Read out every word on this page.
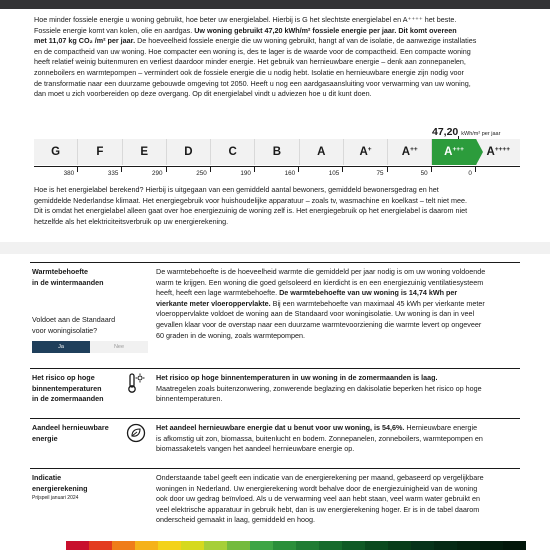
Hoe minder fossiele energie u woning gebruikt, hoe beter uw energielabel. Hierbij is G het slechtste energielabel en A⁺⁺⁺⁺ het beste.
Fossiele energie komt van kolen, olie en aardgas. Uw woning gebruikt 47,20 kWh/m² fossiele energie per jaar. Dit komt overeen
met 11,07 kg CO₂ /m² per jaar. De hoeveelheid fossiele energie die uw woning gebruikt, hangt af van de isolatie, de aanwezige installaties
en de compactheid van uw woning. Hoe compacter een woning is, des te lager is de waarde voor de compactheid. Een compacte woning
heeft relatief weinig buitenmuren en verliest daardoor minder energie. Het gebruik van hernieuwbare energie – denk aan zonnepanelen,
zonneboilers en warmtepompen – vermindert ook de fossiele energie die u nodig hebt. Isolatie en hernieuwbare energie zijn nodig voor
de transformatie naar een duurzame gebouwde omgeving tot 2050. Heeft u nog een aardgasaansluiting voor verwarming van uw woning,
dan moet u zich voorbereiden op deze overgang. Op dit energielabel vindt u adviezen hoe u dit kunt doen.
47,20 kWh/m² per jaar
G	F	E	D	C	B	A	A+	A++ A+++ A++++
380	335	290	250	190	160	105	75	50	0
Hoe is het energielabel berekend? Hierbij is uitgegaan van een gemiddeld aantal bewoners, gemiddeld bewonersgedrag en het
gemiddelde Nederlandse klimaat. Het energiegebruik voor huishoudelijke apparatuur – zoals tv, wasmachine en koelkast – telt niet mee.
Dit is omdat het energielabel alleen gaat over hoe energiezuinig de woning zelf is. Het energiegebruik op het energielabel is daarom niet
hetzelfde als het elektriciteitsverbruik op uw energierekening.
Warmtebehoefte
in de wintermaanden
De warmtebehoefte is de hoeveelheid warmte die gemiddeld per jaar nodig is om uw woning voldoende
warm te krijgen. Een woning die goed geïsoleerd en kierdicht is en een energiezuinig ventilatiesysteem
heeft, heeft een lage warmtebehoefte. De warmtebehoefte van uw woning is 14,74 kWh per
vierkante meter vloeroppervlakte. Bij een warmtebehoefte van maximaal 45 kWh per vierkante meter
vloeroppervlakte voldoet de woning aan de Standaard voor woningisolatie. Uw woning is dan in veel
gevallen klaar voor de overstap naar een duurzame warmtevoorziening die warmte levert op ongeveer
60 graden in de woning, zoals warmtepompen.
Voldoet aan de Standaard
voor woningisolatie?
Ja	Nee
Het risico op hoge
binnentemperaturen
in de zomermaanden
Het risico op hoge binnentemperaturen in uw woning in de zomermaanden is laag.
Maatregelen zoals buitenzonwering, zonwerende beglazing en dakisolatie beperken het risico op hoge
binnentemperaturen.
Aandeel hernieuwbare
energie
Het aandeel hernieuwbare energie dat u benut voor uw woning, is 54,6%. Hernieuwbare energie
is afkomstig uit zon, biomassa, buitenlucht en bodem. Zonnepanelen, zonneboilers, warmtepompen en
biomassaketels vangen het aandeel hernieuwbare energie op.
Indicatie
energierekening
Prijspeil januari 2024
Onderstaande tabel geeft een indicatie van de energierekening per maand, gebaseerd op vergelijkbare
woningen in Nederland. Uw energierekening wordt behalve door de energiezuinigheid van de woning
ook door uw gedrag beïnvloed. Als u de verwarming veel aan hebt staan, veel warm water gebruikt en
veel elektrische apparatuur in gebruik hebt, dan is uw energierekening hoger. Er is in de tabel daarom
onderscheid gemaakt in laag, gemiddeld en hoog.
